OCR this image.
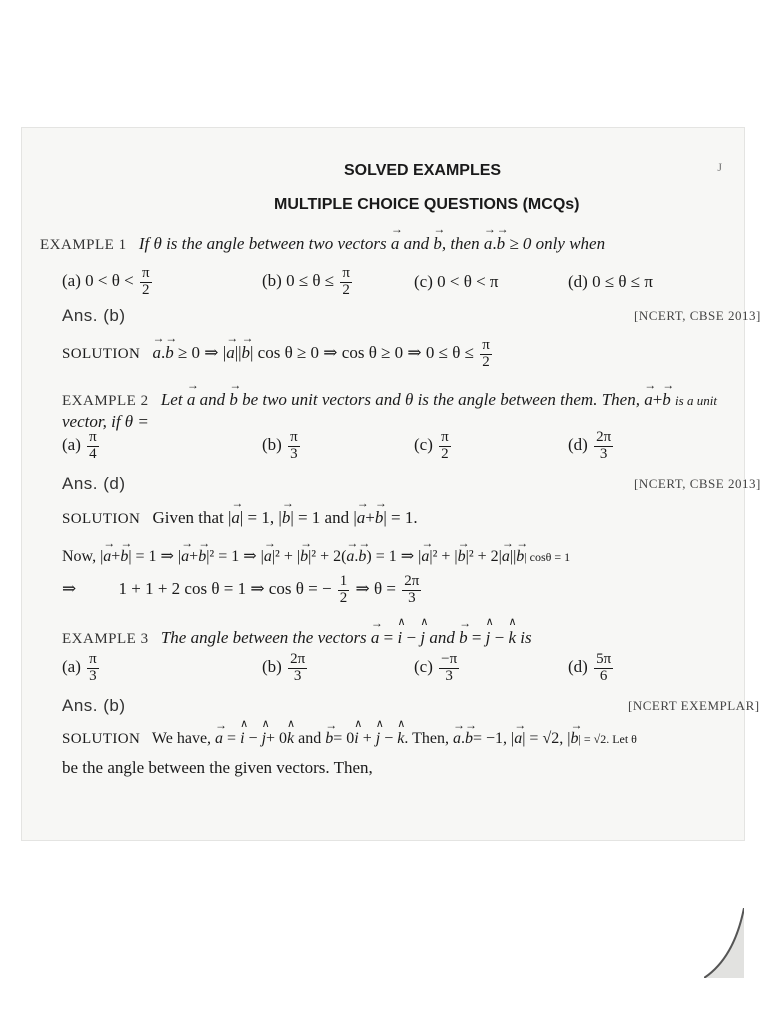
SOLVED EXAMPLES
MULTIPLE CHOICE QUESTIONS (MCQs)
J
EXAMPLE 1 If θ is the angle between two vectors → a and → b, then → a.→ b ≥ 0 only when
(a) $0 < \theta < \frac{\pi}{2}$	(b) $0 \le \theta \le \frac{\pi}{2}$	(c) 0 < θ < π	(d) 0 ≤ θ ≤ π
Ans. (b)	[NCERT, CBSE 2013]
SOLUTION → a.→ b ≥ 0 ⇒ |→ a||→ b| cos θ ≥ 0 ⇒ cos θ ≥ 0 ⇒ $0 \le \theta \le \frac{\pi}{2}$
EXAMPLE 2 Let → a and → b be two unit vectors and θ is the angle between them. Then, → a+→ b is a unit
vector, if θ =
$(a) \frac{\pi}{4}$	$(b) \frac{\pi}{3}$	$(c) \frac{\pi}{2}$	$(d) \frac{2\pi}{3}$
Ans. (d)	[NCERT, CBSE 2013]
SOLUTION Given that |→ a| = 1, |→ b| = 1 and |→ a+→ b| = 1.
Now, |→ a+→ b| = 1 ⇒ |→ a+→ b|² = 1 ⇒ |→ a|² + |→ b|² + 2(→ a.→ b) = 1 ⇒ |→ a|² + |→ b|² + 2|→ a||→ b| cosθ = 1
⇒ 1 + 1 + 2 cos θ = 1 ⇒ cos θ = − $\frac{1}{2}$ ⇒ $\theta = \frac{2\pi}{3}$
EXAMPLE 3 The angle between the vectors → a = ∧ i − ∧ j and → b = ∧ j − ∧ k is
$(a) \frac{\pi}{3}$	$(b) \frac{2\pi}{3}$	$(c) \frac{-\pi}{3}$	$(d) \frac{5\pi}{6}$
Ans. (b)	[NCERT EXEMPLAR]
SOLUTION We have, → a = ∧ i − ∧ j+ 0∧ k and → b= 0∧ i + ∧ j − ∧ k. Then, → a.→ b= −1, |→ a| = √2, |→ b| = √2. Let θ
be the angle between the given vectors. Then,
